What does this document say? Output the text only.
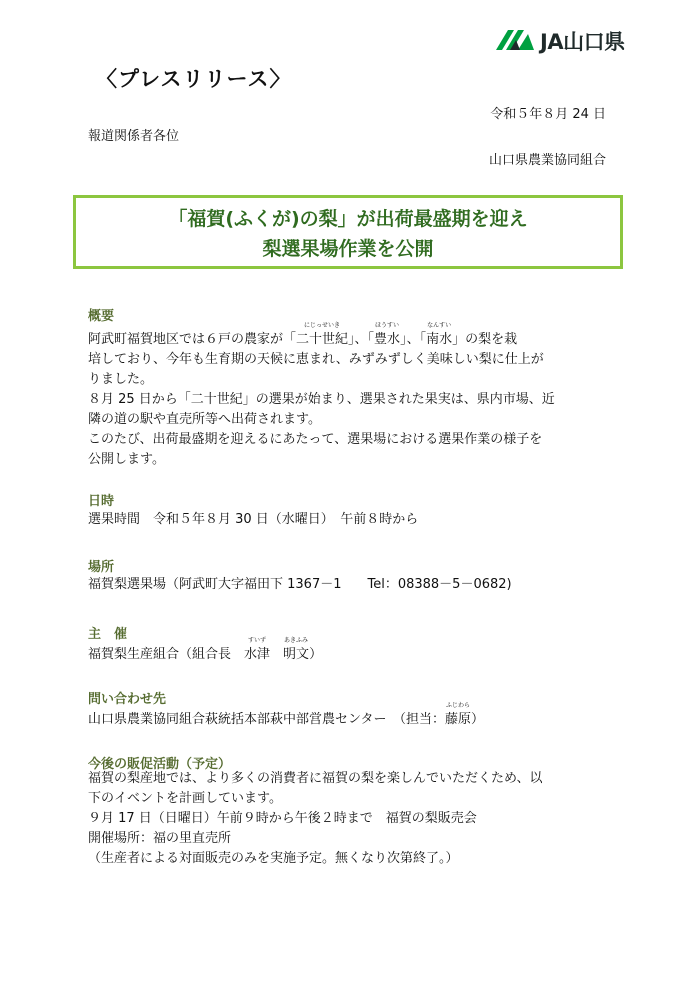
JA山口県
〈プレスリリース〉
令和５年８月 24 日
報道関係者各位
山口県農業協同組合
「福賀(ふくが)の梨」が出荷最盛期を迎え
梨選果場作業を公開
概要
阿武町福賀地区では６戸の農家が「
にじっせいき
二十世紀」、「
ほうすい
豊水」、「
なんすい
南水」の梨を栽
培しており、今年も生育期の天候に恵まれ、みずみずしく美味しい梨に仕上が
りました。
８月 25 日から「二十世紀」の選果が始まり、選果された果実は、県内市場、近
隣の道の駅や直売所等へ出荷されます。
このたび、出荷最盛期を迎えるにあたって、選果場における選果作業の様子を
公開します。
日時
選果時間　令和５年８月 30 日（水曜日）　午前８時から
場所
福賀梨選果場（阿武町大字福田下 1367－1　　Tel：08388－5－0682)
主　催
福賀梨生産組合（組合長　
すいず
水津　
あきふみ
明文）
問い合わせ先
山口県農業協同組合萩統括本部萩中部営農センター　（担当：
ふじわら
藤原）
今後の販促活動（予定）
福賀の梨産地では、より多くの消費者に福賀の梨を楽しんでいただくため、以
下のイベントを計画しています。
９月 17 日（日曜日）午前９時から午後２時まで　福賀の梨販売会
開催場所：福の里直売所
（生産者による対面販売のみを実施予定。無くなり次第終了。）
